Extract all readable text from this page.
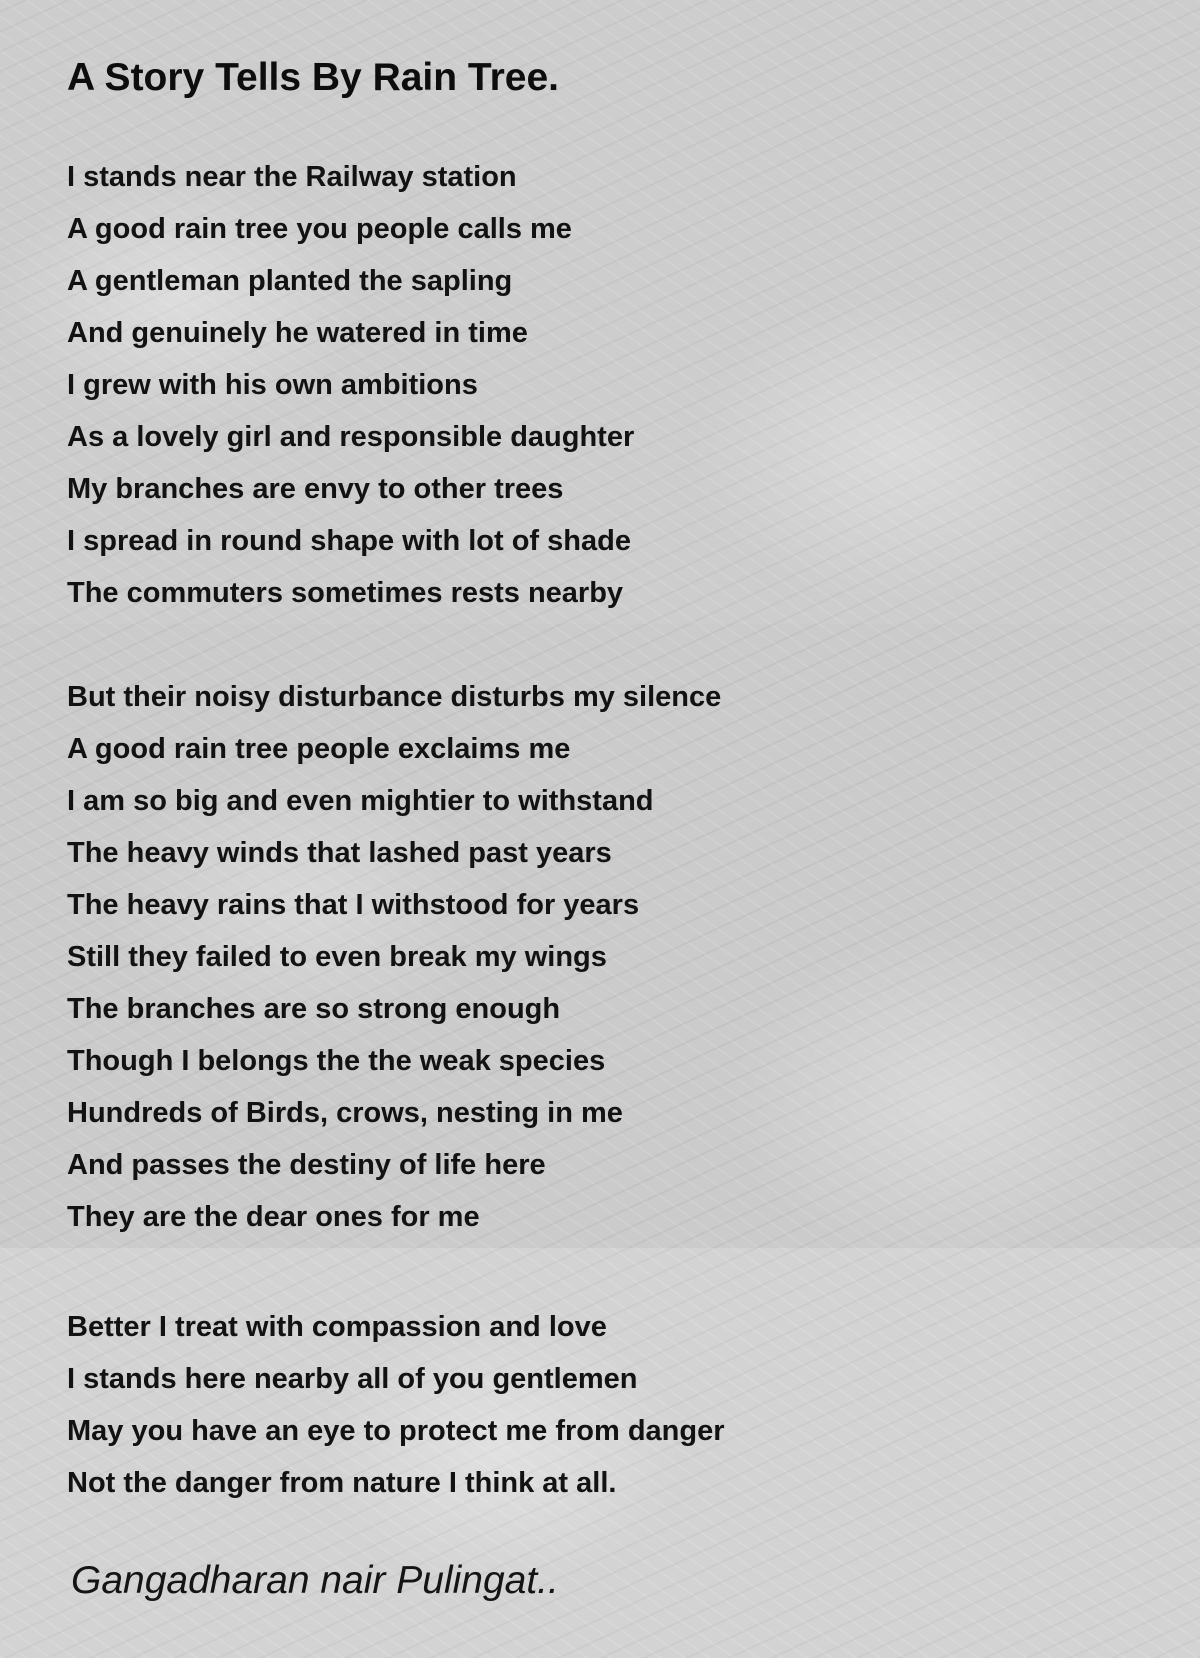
A Story Tells By Rain Tree.
I stands near the Railway station
A good rain tree you people calls me
A gentleman planted the sapling
And genuinely he watered in time
I grew with his own ambitions
As a lovely girl and responsible daughter
My branches are envy to other trees
I spread in round shape with lot of shade
The commuters sometimes rests nearby
But their noisy disturbance disturbs my silence
A good rain tree people exclaims me
I am so big and even mightier to withstand
The heavy winds that lashed past years
The heavy rains that I withstood for years
Still they failed to even break my wings
The branches are so strong enough
Though I belongs the the weak species
Hundreds of Birds, crows, nesting in me
And passes the destiny of life here
They are the dear ones for me
Better I treat with compassion and love
I stands here nearby all of you gentlemen
May you have an eye to protect me from danger
Not the danger from nature I think at all.

Gangadharan nair Pulingat..
